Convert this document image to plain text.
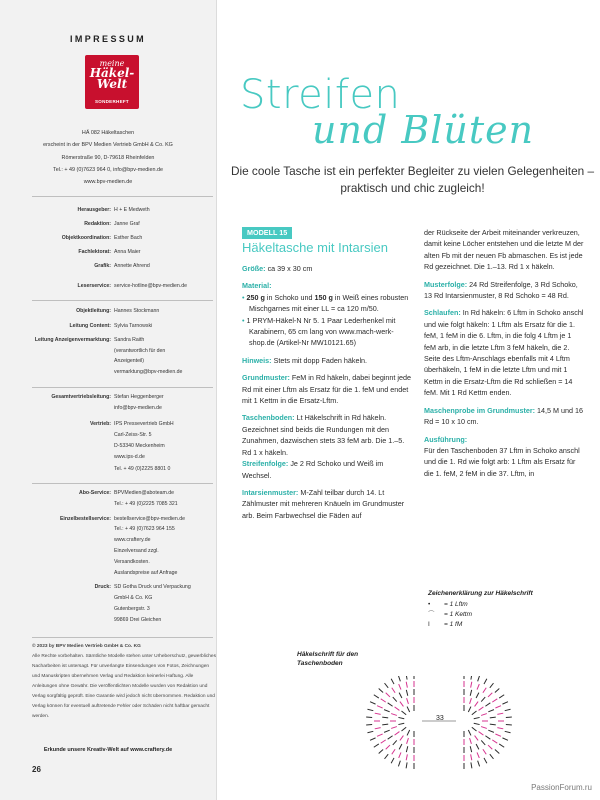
IMPRESSUM
meine
Häkel-Welt
SONDERHEFT
HÄ 082 Häkeltaschen
erscheint in der BPV Medien Vertrieb GmbH & Co. KG
Römerstraße 90, D-79618 Rheinfelden
Tel.: + 49 (0)7623 964 0, info@bpv-medien.de
www.bpv-medien.de
Herausgeber: H + E Medweth
Redaktion: Janne Graf
Objektkoordination: Esther Bach
Fachlektorat: Anna Maier
Grafik: Annette Ahrend
Leserservice: service-hotline@bpv-medien.de
Objektleitung: Hannes Stockmann
Leitung Content: Sylvia Tarnowski
Leitung Anzeigenvermarktung: Sandra Raith
(verantwortlich für den
Anzeigenteil)
vermarktung@bpv-medien.de
Gesamtvertriebsleitung: Stefan Heggenberger
info@bpv-medien.de
Vertrieb: IPS Pressevertrieb GmbH
Carl-Zeiss-Str. 5
D-53340 Meckenheim
www.ips-d.de
Tel. + 49 (0)2225 8801 0
Abo-Service: BPVMedien@aboteam.de
Tel.: + 49 (0)2225 7085 321
Einzelbestellservice: bestellservice@bpv-medien.de
Tel.: + 49 (0)7623 964 155
www.craftery.de
Einzelversand zzgl.
Versandkosten.
Auslandspreise auf Anfrage
Druck: SD Gotha Druck und Verpackung
GmbH & Co. KG
Gutenbergstr. 3
99869 Drei Gleichen
© 2023 by BPV Medien Vertrieb GmbH & Co. KG
Alle Rechte vorbehalten. Sämtliche Modelle stehen unter Urheberschutz, gewerbliches Nacharbeiten ist untersagt. Für unverlangte Einsendungen von Fotos, Zeichnungen und Manuskripten übernehmen Verlag und Redaktion keinerlei Haftung. Alle Anleitungen ohne Gewähr. Die veröffentlichten Modelle wurden von Redaktion und Verlag sorgfältig geprüft. Eine Garantie wird jedoch nicht übernommen. Redaktion und Verlag können für eventuell auftretende Fehler oder Schäden nicht haftbar gemacht werden.
Erkunde unsere Kreativ-Welt auf www.craftery.de
26
Streifen
und Blüten
Die coole Tasche ist ein perfekter Begleiter zu vielen Gelegenheiten – praktisch und chic zugleich!
MODELL 15
Häkeltasche mit Intarsien

Größe: ca 39 x 30 cm

Material:
• 250 g in Schoko und 150 g in Weiß eines robusten Mischgarnes mit einer LL = ca 120 m/50.

• 1 PRYM-Häkel-N Nr 5. 1 Paar Lederhenkel mit Karabinern, 65 cm lang von www.mach-werk-shop.de (Artikel-Nr MW10121.65)

Hinweis: Stets mit dopp Faden häkeln.

Grundmuster: FeM in Rd häkeln, dabei beginnt jede Rd mit einer Lftm als Ersatz für die 1. feM und endet mit 1 Kettm in die Ersatz-Lftm.

Taschenboden: Lt Häkelschrift in Rd häkeln. Gezeichnet sind beids die Rundungen mit den Zunahmen, dazwischen stets 33 feM arb. Die 1.–5. Rd 1 x häkeln.

Streifenfolge: Je 2 Rd Schoko und Weiß im Wechsel.

Intarsienmuster: M-Zahl teilbar durch 14. Lt Zählmuster mit mehreren Knäueln im Grundmuster arb. Beim Farbwechsel die Fäden auf

der Rückseite der Arbeit miteinander verkreuzen, damit keine Löcher entstehen und die letzte M der alten Fb mit der neuen Fb abmaschen. Es ist jede Rd gezeichnet. Die 1.–13. Rd 1 x häkeln.

Musterfolge: 24 Rd Streifenfolge, 3 Rd Schoko, 13 Rd Intarsienmuster, 8 Rd Schoko = 48 Rd.

Schlaufen: In Rd häkeln: 6 Lftm in Schoko anschl und wie folgt häkeln: 1 Lftm als Ersatz für die 1. feM, 1 feM in die 6. Lftm, in die folg 4 Lftm je 1 feM arb, in die letzte Lftm 3 feM häkeln, die 2. Seite des Lftm-Anschlags ebenfalls mit 4 Lftm überhäkeln, 1 feM in die letzte Lftm und mit 1 Kettm in die Ersatz-Lftm die Rd schließen = 14 feM. Mit 1 Rd Kettm enden.

Maschenprobe im Grundmuster: 14,5 M und 16 Rd = 10 x 10 cm.

Ausführung:
Für den Taschenboden 37 Lftm in Schoko anschl und die 1. Rd wie folgt arb: 1 Lftm als Ersatz für die 1. feM, 2 feM in die 37. Lftm, in
Zeichenerklärung zur Häkelschrift
• = 1 Lftm
⌒ = 1 Kettm
I = 1 fM
Häkelschrift für den
Taschenboden
33
PassionForum.ru
